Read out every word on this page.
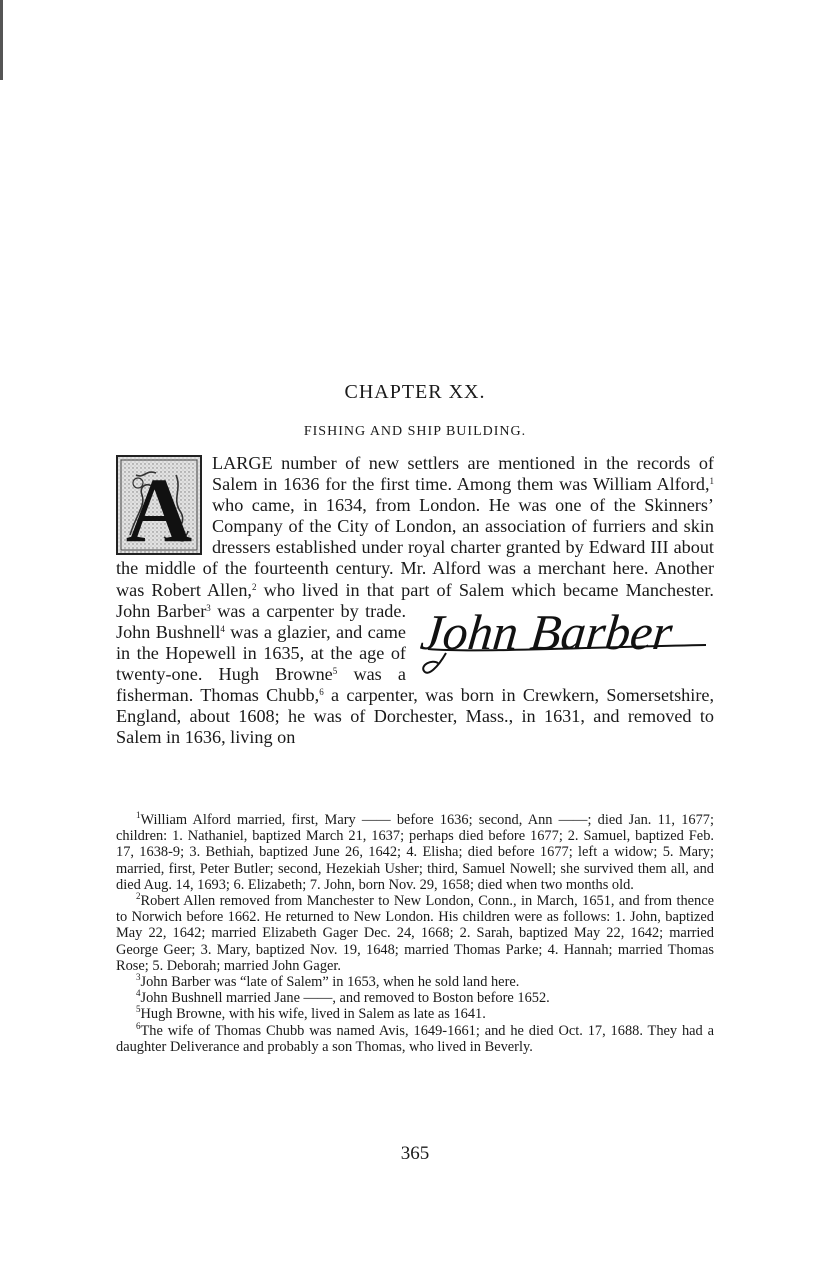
CHAPTER XX.
FISHING AND SHIP BUILDING.

A LARGE number of new settlers are mentioned in the records of Salem in 1636 for the first time. Among them was William Alford,$^1$ who came, in 1634, from London. He was one of the Skinners’ Company of the City of London, an association of furriers and skin dressers established under royal charter granted by Edward III about the middle of the fourteenth century. Mr. Alford was a merchant here. Another was Robert Allen,$^2$ who lived in that part of Salem which became Manchester. John Barber$^3$	John Barber
was a carpenter by trade. John Bushnell$^4$ was a glazier, and came in the Hopewell in 1635, at the age of twenty-one. Hugh Browne$^5$ was a fisherman. Thomas Chubb,$^6$ a carpenter, was born in Crewkern, Somersetshire, England, about 1608; he was of Dorchester, Mass., in 1631, and removed to Salem in 1636, living on

$^1$William Alford married, first, Mary —— before 1636; second, Ann ——; died Jan. 11, 1677; children: 1. Nathaniel, baptized March 21, 1637; perhaps died before 1677; 2. Samuel, baptized Feb. 17, 1638-9; 3. Bethiah, baptized June 26, 1642; 4. Elisha; died before 1677; left a widow; 5. Mary; married, first, Peter Butler; second, Hezekiah Usher; third, Samuel Nowell; she survived them all, and died Aug. 14, 1693; 6. Elizabeth; 7. John, born Nov. 29, 1658; died when two months old.

$^2$Robert Allen removed from Manchester to New London, Conn., in March, 1651, and from thence to Norwich before 1662. He returned to New London. His children were as follows: 1. John, baptized May 22, 1642; married Elizabeth Gager Dec. 24, 1668; 2. Sarah, baptized May 22, 1642; married George Geer; 3. Mary, baptized Nov. 19, 1648; married Thomas Parke; 4. Hannah; married Thomas Rose; 5. Deborah; married John Gager.

$^3$John Barber was “late of Salem” in 1653, when he sold land here.

$^4$John Bushnell married Jane ——, and removed to Boston before 1652.

$^5$Hugh Browne, with his wife, lived in Salem as late as 1641.

$^6$The wife of Thomas Chubb was named Avis, 1649-1661; and he died Oct. 17, 1688. They had a daughter Deliverance and probably a son Thomas, who lived in Beverly.

365
